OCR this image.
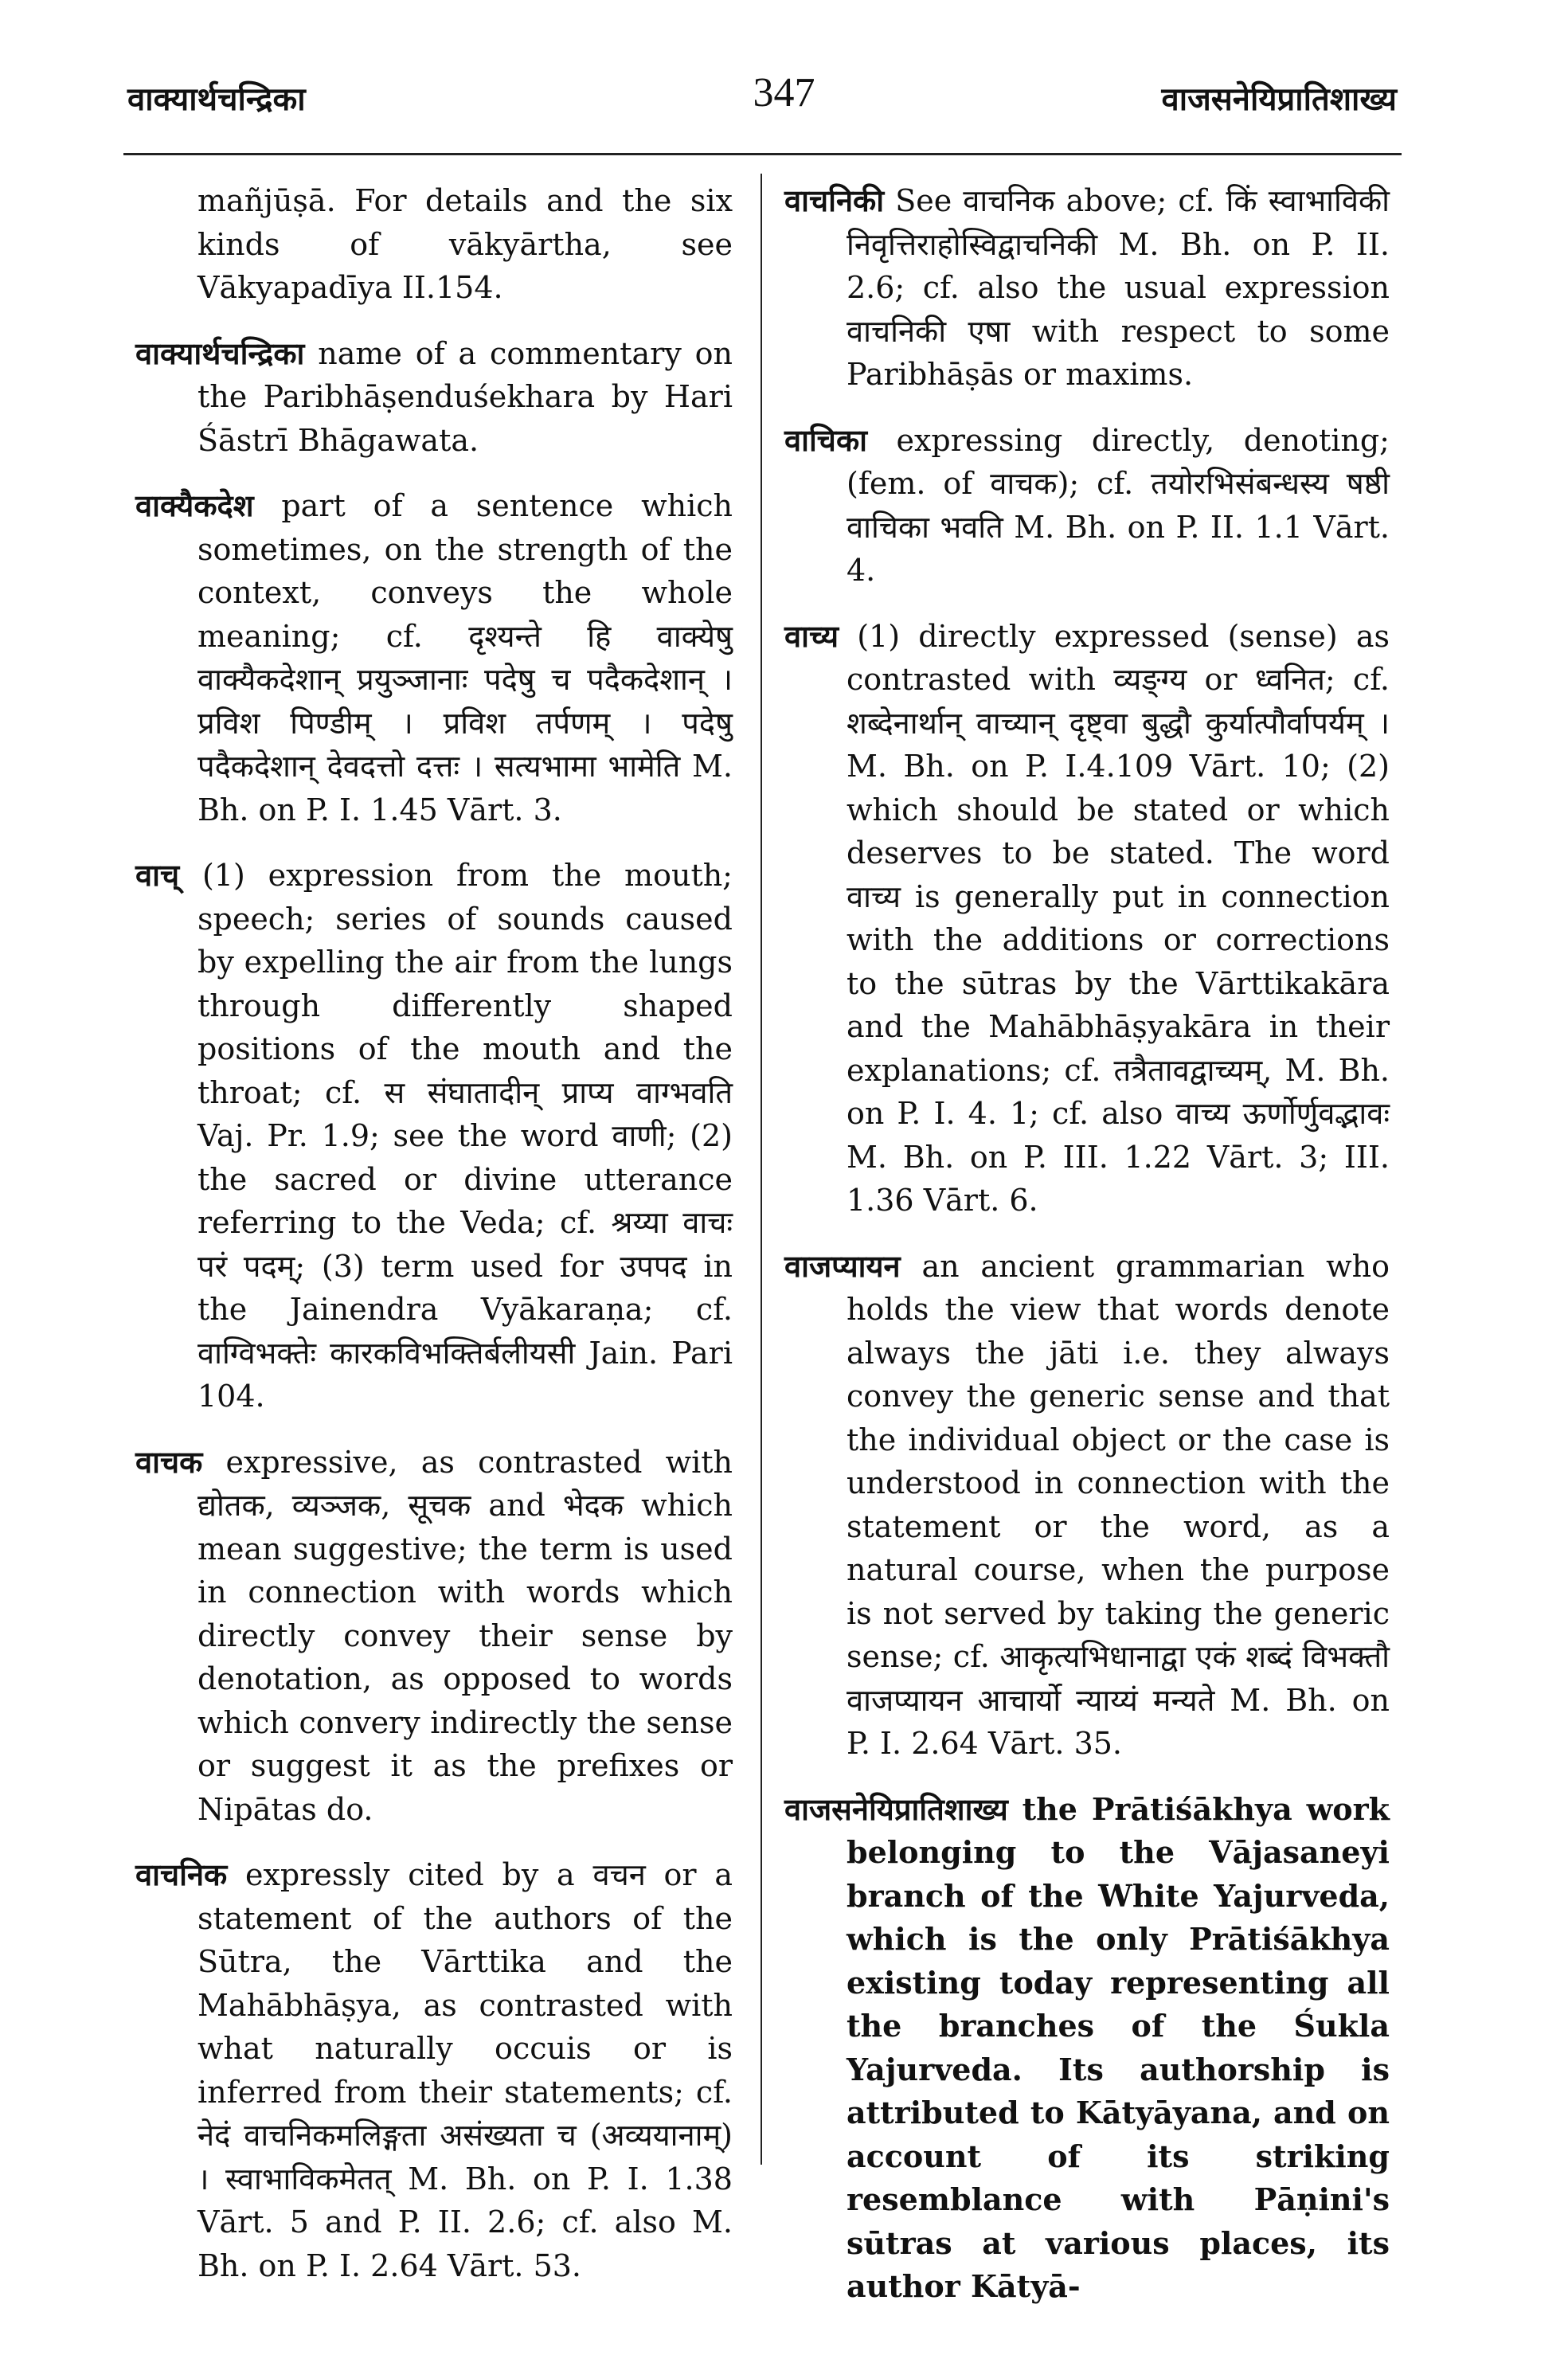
वाक्यार्थचन्द्रिका	347	वाजसनेयिप्रातिशाख्य

mañjūṣā. For details and the six kinds of vākyārtha, see Vākyapadīya II.154.

वाक्यार्थचन्द्रिका name of a commentary on the Paribhāṣenduśekhara by Hari Śāstrī Bhāgawata.

वाक्यैकदेश part of a sentence which sometimes, on the strength of the context, conveys the whole meaning; cf. दृश्यन्ते हि वाक्येषु वाक्यैकदेशान् प्रयुञ्जानाः पदेषु च पदैकदेशान् । प्रविश पिण्डीम् । प्रविश तर्पणम् । पदेषु पदैकदेशान् देवदत्तो दत्तः । सत्यभामा भामेति M. Bh. on P. I. 1.45 Vārt. 3.

वाच् (1) expression from the mouth; speech; series of sounds caused by expelling the air from the lungs through differently shaped positions of the mouth and the throat; cf. स संघातादीन् प्राप्य वाग्भवति Vaj. Pr. 1.9; see the word वाणी; (2) the sacred or divine utterance referring to the Veda; cf. श्रय्या वाचः परं पदम्; (3) term used for उपपद in the Jainendra Vyākaraṇa; cf. वाग्विभक्तेः कारकविभक्तिर्बलीयसी Jain. Pari 104.

वाचक expressive, as contrasted with द्योतक, व्यञ्जक, सूचक and भेदक which mean suggestive; the term is used in connection with words which directly convey their sense by denotation, as opposed to words which convery indirectly the sense or suggest it as the prefixes or Nipātas do.

वाचनिक expressly cited by a वचन or a statement of the authors of the Sūtra, the Vārttika and the Mahābhāṣya, as contrasted with what naturally occuis or is inferred from their statements; cf. नेदं वाचनिकमलिङ्गता असंख्यता च (अव्ययानाम्) । स्वाभाविकमेतत् M. Bh. on P. I. 1.38 Vārt. 5 and P. II. 2.6; cf. also M. Bh. on P. I. 2.64 Vārt. 53.

वाचनिकी See वाचनिक above; cf. किं स्वाभाविकी निवृत्तिराहोस्विद्वाचनिकी M. Bh. on P. II. 2.6; cf. also the usual expression वाचनिकी एषा with respect to some Paribhāṣās or maxims.

वाचिका expressing directly, denoting; (fem. of वाचक); cf. तयोरभिसंबन्धस्य षष्ठी वाचिका भवति M. Bh. on P. II. 1.1 Vārt. 4.

वाच्य (1) directly expressed (sense) as contrasted with व्यङ्ग्य or ध्वनित; cf. शब्देनार्थान् वाच्यान् दृष्ट्वा बुद्धौ कुर्यात्पौर्वापर्यम् । M. Bh. on P. I.4.109 Vārt. 10; (2) which should be stated or which deserves to be stated. The word वाच्य is generally put in connection with the additions or corrections to the sūtras by the Vārttikakāra and the Mahābhāṣyakāra in their explanations; cf. तत्रैतावद्वाच्यम्, M. Bh. on P. I. 4. 1; cf. also वाच्य ऊर्णोर्णुवद्भावः M. Bh. on P. III. 1.22 Vārt. 3; III. 1.36 Vārt. 6.

वाजप्यायन an ancient grammarian who holds the view that words denote always the jāti i.e. they always convey the generic sense and that the individual object or the case is understood in connection with the statement or the word, as a natural course, when the purpose is not served by taking the generic sense; cf. आकृत्यभिधानाद्वा एकं शब्दं विभक्तौ वाजप्यायन आचार्यो न्याय्यं मन्यते M. Bh. on P. I. 2.64 Vārt. 35.

वाजसनेयिप्रातिशाख्य the Prātiśākhya work belonging to the Vājasaneyi branch of the White Yajurveda, which is the only Prātiśākhya existing today representing all the branches of the Śukla Yajurveda. Its authorship is attributed to Kātyāyana, and on account of its striking resemblance with Pāṇini's sūtras at various places, its author Kātyā-
